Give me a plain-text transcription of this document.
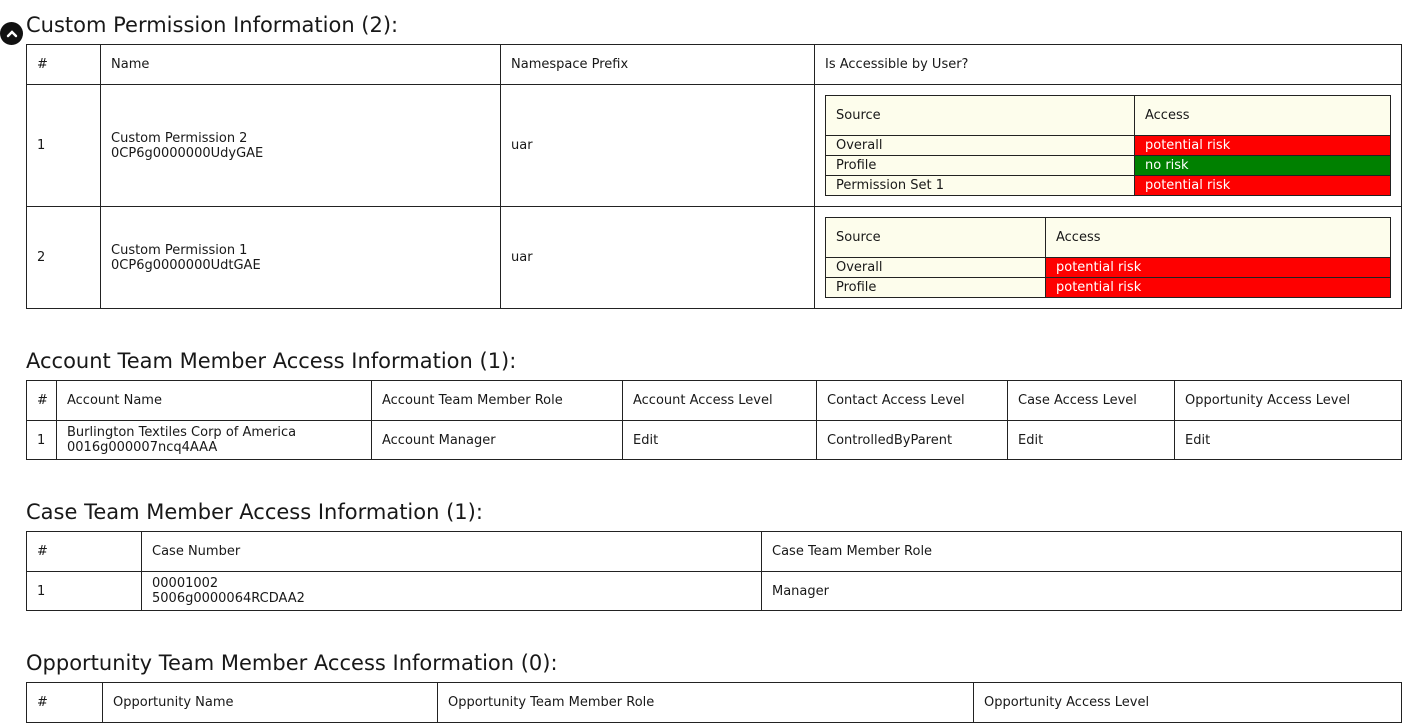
Custom Permission Information (2):
#	Name	Namespace Prefix	Is Accessible by User?
1	Custom Permission 2
0CP6g0000000UdyGAE	uar	
Source	Access
Overall	potential risk
Profile	no risk
Permission Set 1	potential risk

2	Custom Permission 1
0CP6g0000000UdtGAE	uar	
Source	Access
Overall	potential risk
Profile	potential risk
Account Team Member Access Information (1):
#	Account Name	Account Team Member Role	Account Access Level	Contact Access Level	Case Access Level	Opportunity Access Level
1	Burlington Textiles Corp of America
0016g000007ncq4AAA	Account Manager	Edit	ControlledByParent	Edit	Edit
Case Team Member Access Information (1):
#	Case Number	Case Team Member Role
1	00001002
5006g0000064RCDAA2	Manager
Opportunity Team Member Access Information (0):
#	Opportunity Name	Opportunity Team Member Role	Opportunity Access Level
